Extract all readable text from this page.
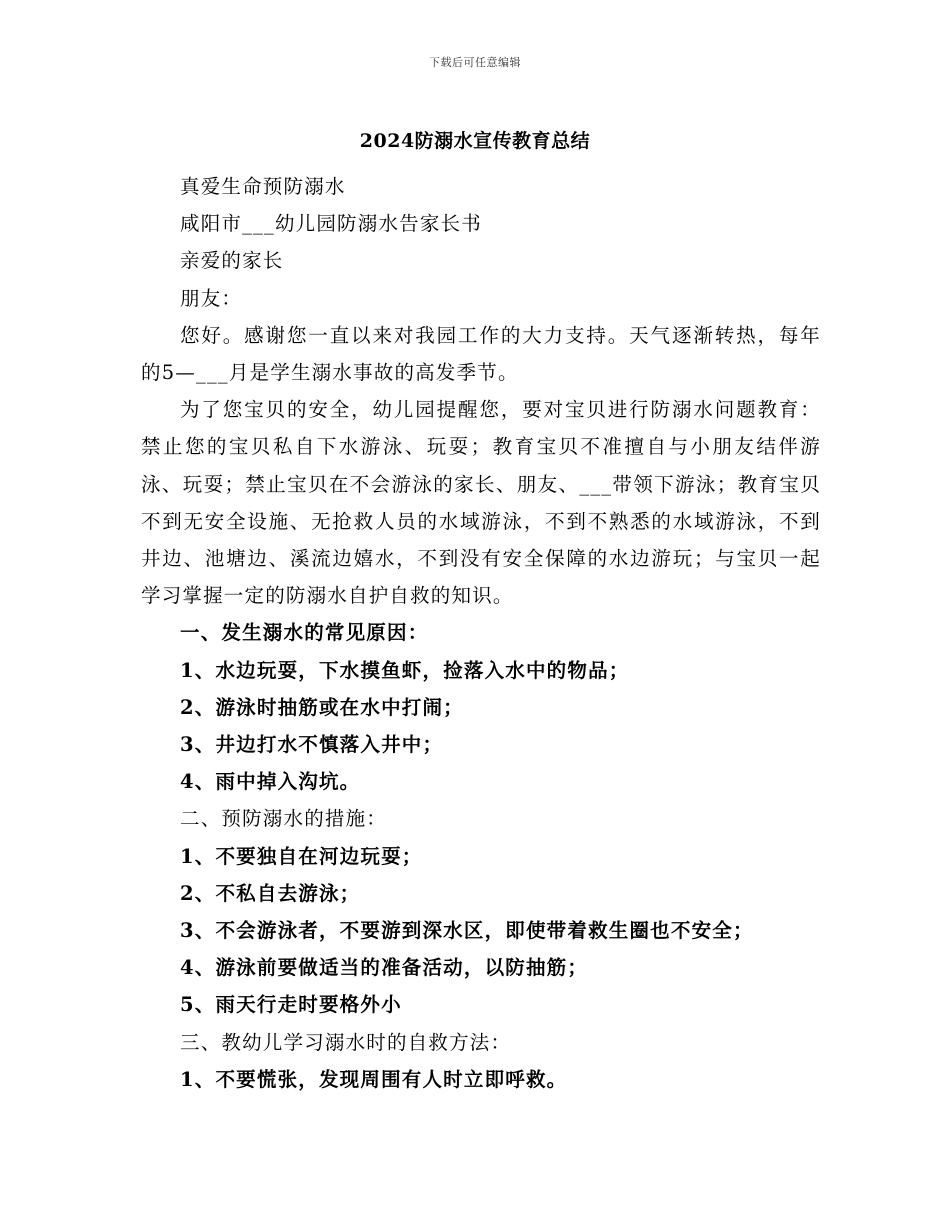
下载后可任意编辑
2024防溺水宣传教育总结

真爱生命预防溺水

咸阳市___幼儿园防溺水告家长书

亲爱的家长

朋友：

您好。感谢您一直以来对我园工作的大力支持。天气逐渐转热，每年的5—___月是学生溺水事故的高发季节。

为了您宝贝的安全，幼儿园提醒您，要对宝贝进行防溺水问题教育：禁止您的宝贝私自下水游泳、玩耍；教育宝贝不准擅自与小朋友结伴游泳、玩耍；禁止宝贝在不会游泳的家长、朋友、___带领下游泳；教育宝贝不到无安全设施、无抢救人员的水域游泳，不到不熟悉的水域游泳，不到井边、池塘边、溪流边嬉水，不到没有安全保障的水边游玩；与宝贝一起学习掌握一定的防溺水自护自救的知识。

一、发生溺水的常见原因：

1、水边玩耍，下水摸鱼虾，捡落入水中的物品；

2、游泳时抽筋或在水中打闹；

3、井边打水不慎落入井中；

4、雨中掉入沟坑。

二、预防溺水的措施：

1、不要独自在河边玩耍；

2、不私自去游泳；

3、不会游泳者，不要游到深水区，即使带着救生圈也不安全；

4、游泳前要做适当的准备活动，以防抽筋；

5、雨天行走时要格外小

三、教幼儿学习溺水时的自救方法：

1、不要慌张，发现周围有人时立即呼救。
